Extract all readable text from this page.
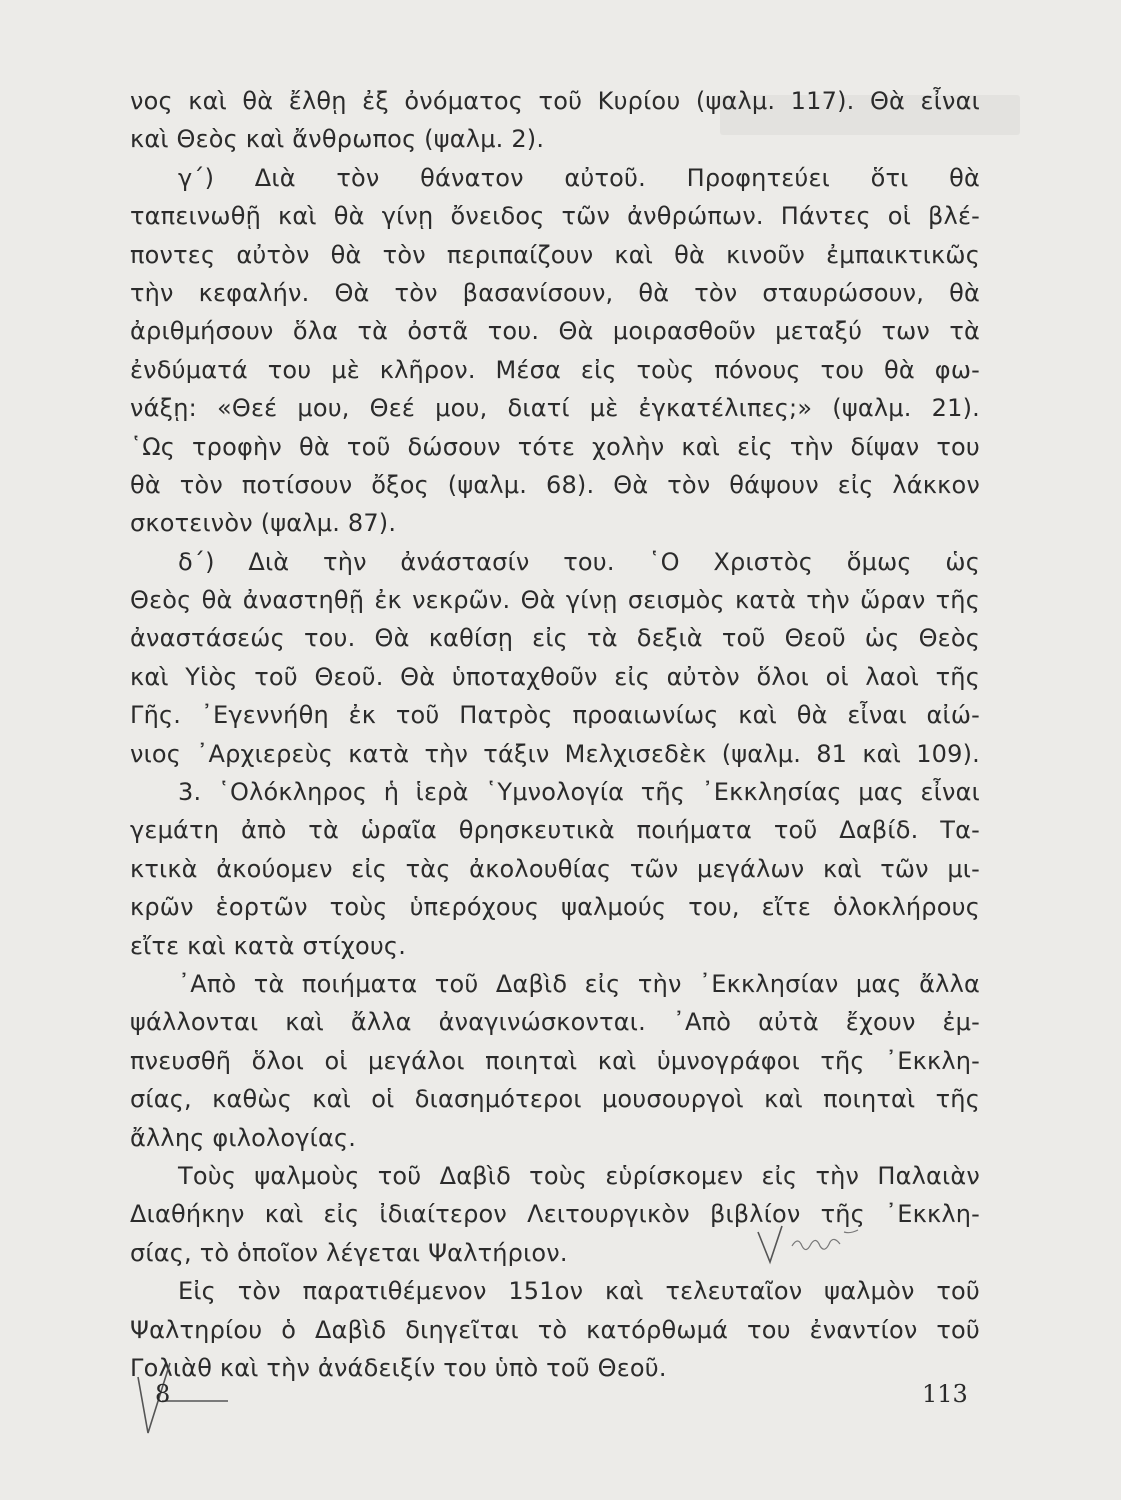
νος καὶ θὰ ἔλθῃ ἐξ ὀνόματος τοῦ Κυρίου (ψαλμ. 117). Θὰ εἶναι
καὶ Θεὸς καὶ ἄνθρωπος (ψαλμ. 2).
γ΄) Διὰ τὸν θάνατον αὐτοῦ. Προφητεύει ὅτι θὰ
ταπεινωθῇ καὶ θὰ γίνῃ ὄνειδος τῶν ἀνθρώπων. Πάντες οἱ βλέ-
ποντες αὐτὸν θὰ τὸν περιπαίζουν καὶ θὰ κινοῦν ἐμπαικτικῶς
τὴν κεφαλήν. Θὰ τὸν βασανίσουν, θὰ τὸν σταυρώσουν, θὰ
ἀριθμήσουν ὅλα τὰ ὀστᾶ του. Θὰ μοιρασθοῦν μεταξύ των τὰ
ἐνδύματά του μὲ κλῆρον. Μέσα εἰς τοὺς πόνους του θὰ φω-
νάξῃ: «Θεέ μου, Θεέ μου, διατί μὲ ἐγκατέλιπες;» (ψαλμ. 21).
῾Ως τροφὴν θὰ τοῦ δώσουν τότε χολὴν καὶ εἰς τὴν δίψαν του
θὰ τὸν ποτίσουν ὄξος (ψαλμ. 68). Θὰ τὸν θάψουν εἰς λάκκον
σκοτεινὸν (ψαλμ. 87).
δ΄) Διὰ τὴν ἀνάστασίν του. ῾Ο Χριστὸς ὅμως ὡς
Θεὸς θὰ ἀναστηθῇ ἐκ νεκρῶν. Θὰ γίνῃ σεισμὸς κατὰ τὴν ὥραν τῆς
ἀναστάσεώς του. Θὰ καθίσῃ εἰς τὰ δεξιὰ τοῦ Θεοῦ ὡς Θεὸς
καὶ Υἱὸς τοῦ Θεοῦ. Θὰ ὑποταχθοῦν εἰς αὐτὸν ὅλοι οἱ λαοὶ τῆς
Γῆς. ᾿Εγεννήθη ἐκ τοῦ Πατρὸς προαιωνίως καὶ θὰ εἶναι αἰώ-
νιος ᾿Αρχιερεὺς κατὰ τὴν τάξιν Μελχισεδὲκ (ψαλμ. 81 καὶ 109).
3. ῾Ολόκληρος ἡ ἱερὰ ῾Υμνολογία τῆς ᾿Εκκλησίας μας εἶναι
γεμάτη ἀπὸ τὰ ὡραῖα θρησκευτικὰ ποιήματα τοῦ Δαβίδ. Τα-
κτικὰ ἀκούομεν εἰς τὰς ἀκολουθίας τῶν μεγάλων καὶ τῶν μι-
κρῶν ἑορτῶν τοὺς ὑπερόχους ψαλμούς του, εἴτε ὁλοκλήρους
εἴτε καὶ κατὰ στίχους.
᾿Απὸ τὰ ποιήματα τοῦ Δαβὶδ εἰς τὴν ᾿Εκκλησίαν μας ἄλλα
ψάλλονται καὶ ἄλλα ἀναγινώσκονται. ᾿Απὸ αὐτὰ ἔχουν ἐμ-
πνευσθῆ ὅλοι οἱ μεγάλοι ποιηταὶ καὶ ὑμνογράφοι τῆς ᾿Εκκλη-
σίας, καθὼς καὶ οἱ διασημότεροι μουσουργοὶ καὶ ποιηταὶ τῆς
ἄλλης φιλολογίας.
Τοὺς ψαλμοὺς τοῦ Δαβὶδ τοὺς εὑρίσκομεν εἰς τὴν Παλαιὰν
Διαθήκην καὶ εἰς ἰδιαίτερον Λειτουργικὸν βιβλίον τῆς ᾿Εκκλη-
σίας, τὸ ὁποῖον λέγεται Ψαλτήριον.
Εἰς τὸν παρατιθέμενον 151ον καὶ τελευταῖον ψαλμὸν τοῦ
Ψαλτηρίου ὁ Δαβὶδ διηγεῖται τὸ κατόρθωμά του ἐναντίον τοῦ
Γολιὰθ καὶ τὴν ἀνάδειξίν του ὑπὸ τοῦ Θεοῦ.
8	113
